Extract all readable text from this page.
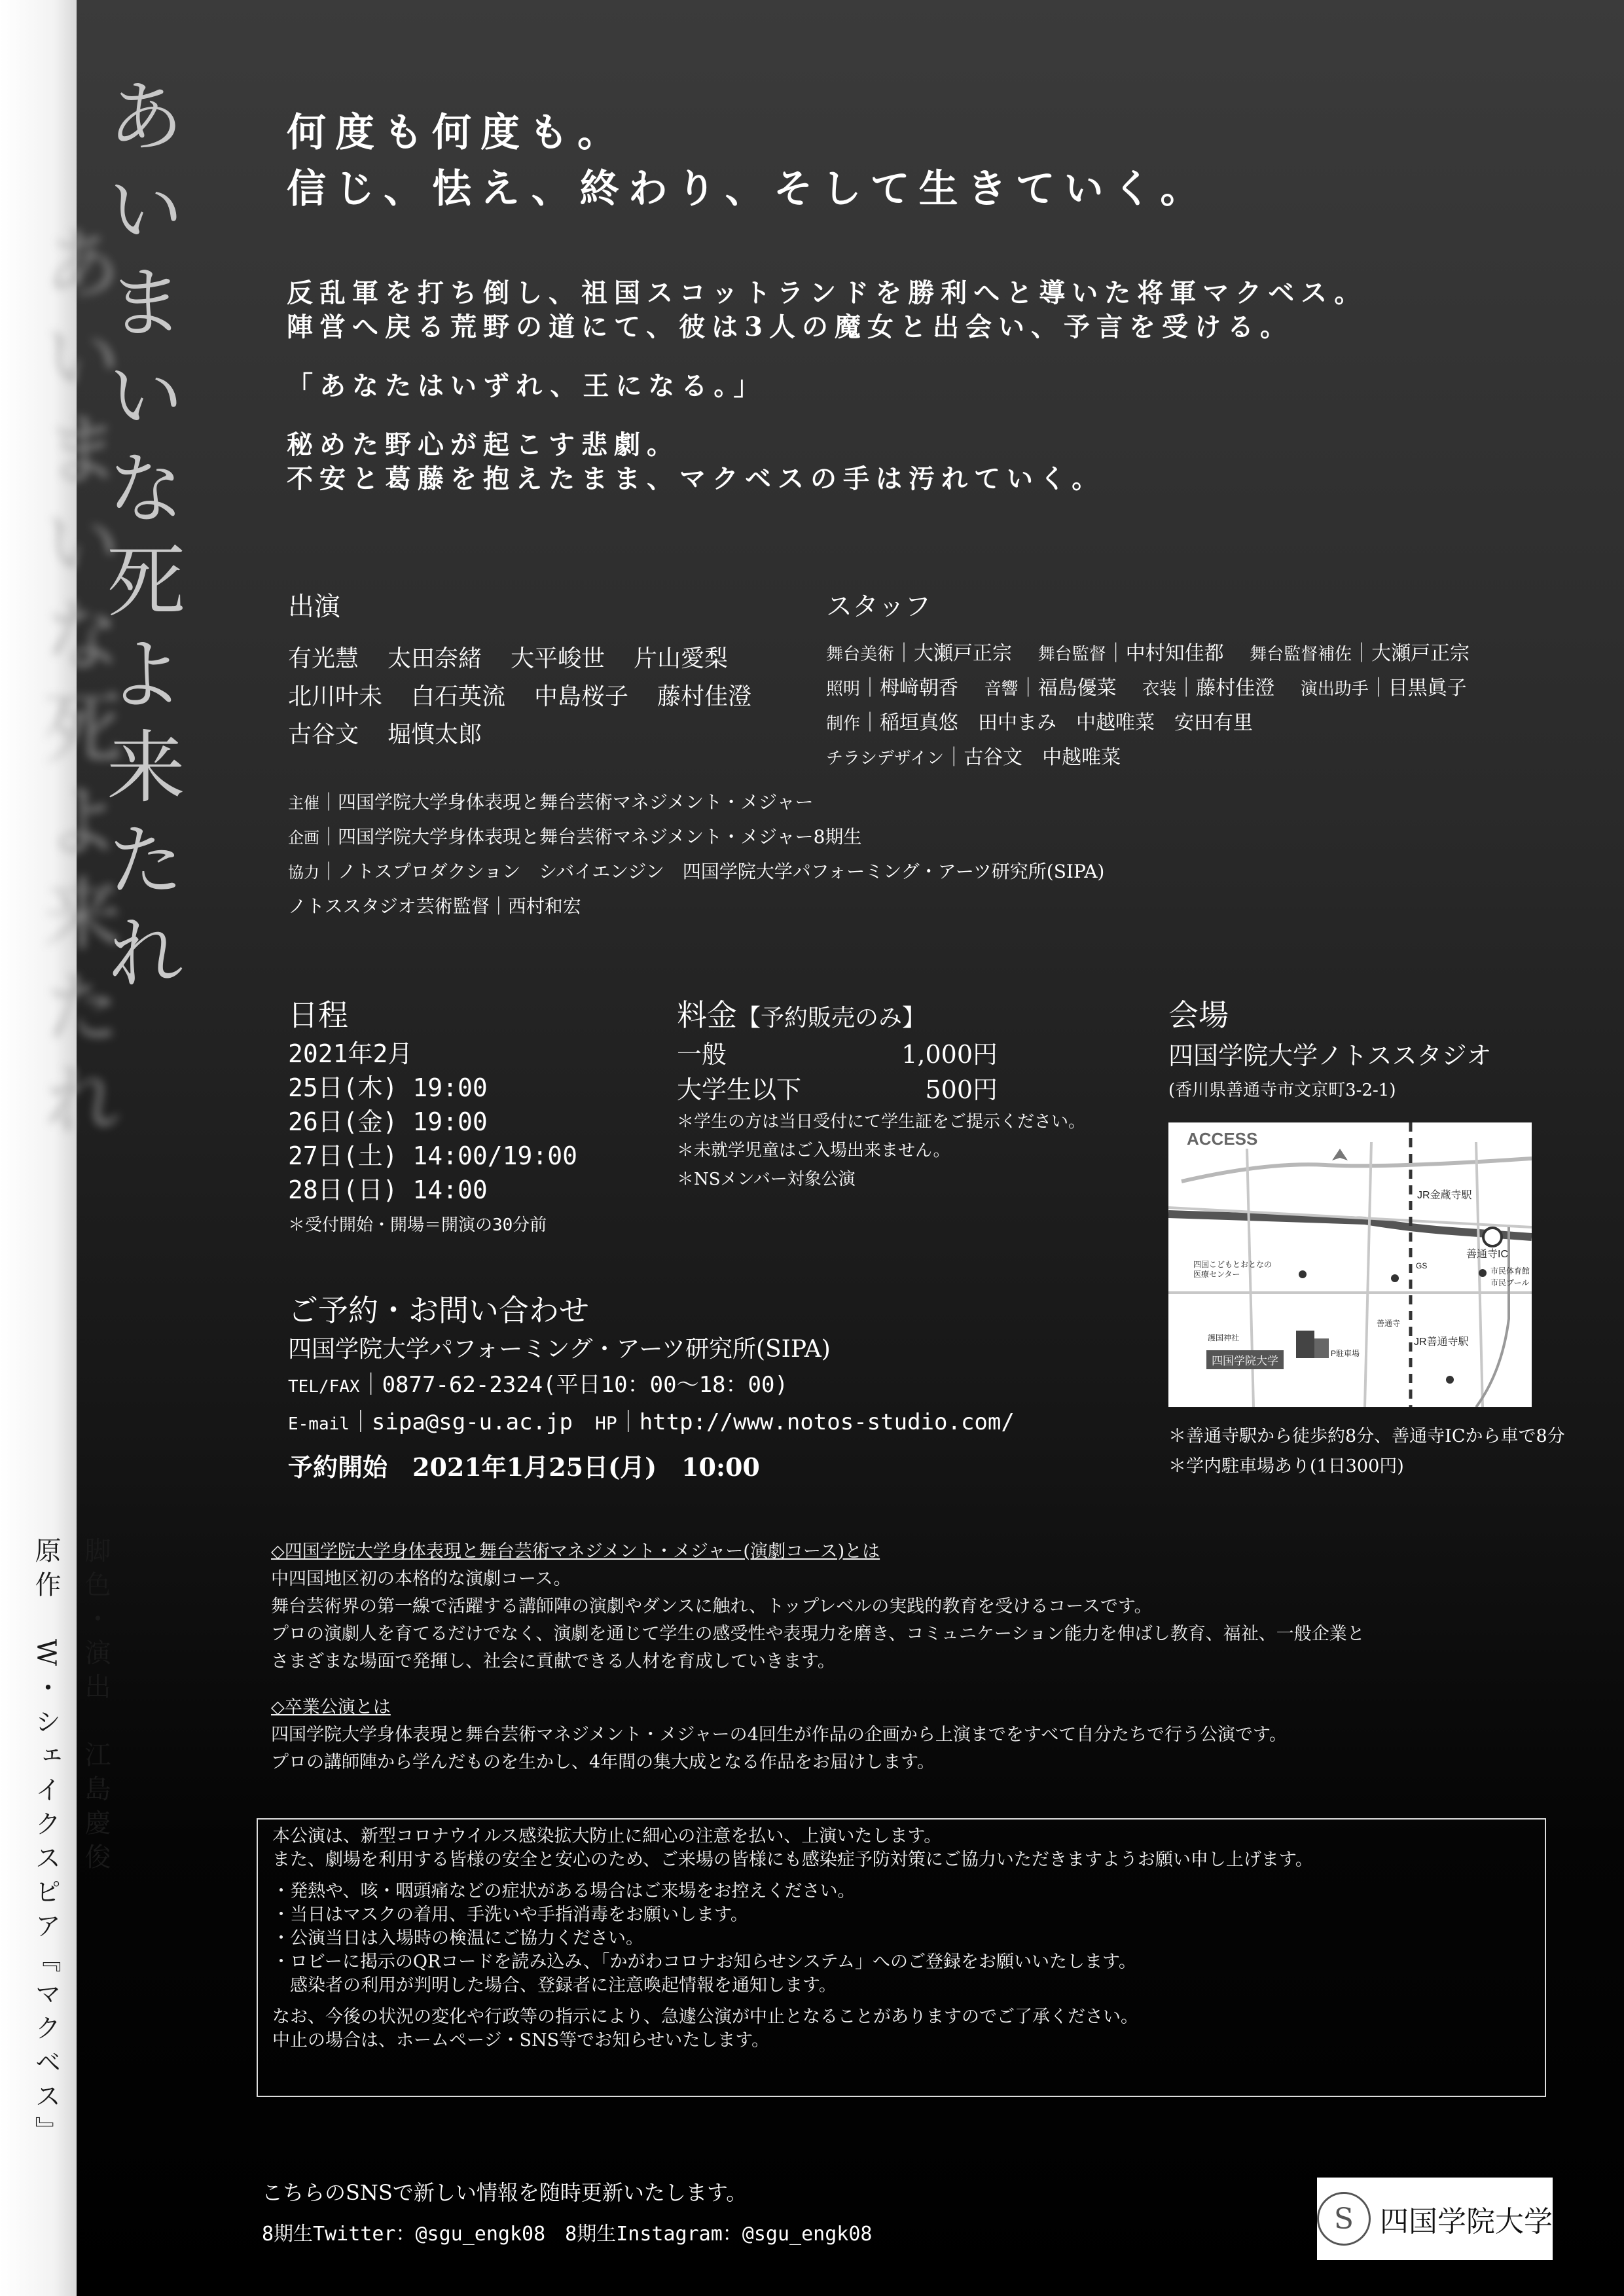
あいまいな死よ来たれ
あいまいな死よ来たれ	何度も何度も。
信じ、怯え、終わり、そして生きていく。
反乱軍を打ち倒し、祖国スコットランドを勝利へと導いた将軍マクベス。
陣営へ戻る荒野の道にて、彼は3人の魔女と出会い、予言を受ける。
「あなたはいずれ、王になる。」
秘めた野心が起こす悲劇。
不安と葛藤を抱えたまま、マクベスの手は汚れていく。
出演
有光慧 太田奈緒 大平峻世 片山愛梨
北川叶未 白石英流 中島桜子 藤村佳澄
古谷文 堀慎太郎
スタッフ
舞台美術｜大瀬戸正宗　 舞台監督｜中村知佳都　 舞台監督補佐｜大瀬戸正宗
照明｜栂﨑朝香　 音響｜福島優菜　 衣装｜藤村佳澄　 演出助手｜目黒眞子
制作｜稲垣真悠　田中まみ　中越唯菜　安田有里
チラシデザイン｜古谷文　中越唯菜
主催｜四国学院大学身体表現と舞台芸術マネジメント・メジャー
企画｜四国学院大学身体表現と舞台芸術マネジメント・メジャー8期生
協力｜ノトスプロダクション　シバイエンジン　四国学院大学パフォーミング・アーツ研究所(SIPA)
ノトススタジオ芸術監督｜西村和宏
日程
2021年2月
25日(木) 19:00
26日(金) 19:00
27日(土) 14:00/19:00
28日(日) 14:00
＊受付開始・開場＝開演の30分前
料金【予約販売のみ】
一般	1,000円
大学生以下	500円
＊学生の方は当日受付にて学生証をご提示ください。
＊未就学児童はご入場出来ません。
＊NSメンバー対象公演
会場
四国学院大学ノトススタジオ
(香川県善通寺市文京町3-2-1)
ACCESS
善通寺IC
JR善通寺駅
JR金蔵寺駅
四国学院大学
市民体育館
市民プール
四国こどもとおとなの医療センター
善通寺
護国神社
P駐車場
GS
＊善通寺駅から徒歩約8分、善通寺ICから車で8分
＊学内駐車場あり(1日300円)
ご予約・お問い合わせ
四国学院大学パフォーミング・アーツ研究所(SIPA)
TEL/FAX｜0877-62-2324(平日10：00〜18：00)
E-mail｜sipa@sg-u.ac.jp　 HP｜http://www.notos-studio.com/
予約開始　 2021年1月25日(月)　10:00
◇四国学院大学身体表現と舞台芸術マネジメント・メジャー(演劇コース)とは
中四国地区初の本格的な演劇コース。
舞台芸術界の第一線で活躍する講師陣の演劇やダンスに触れ、トップレベルの実践的教育を受けるコースです。
プロの演劇人を育てるだけでなく、演劇を通じて学生の感受性や表現力を磨き、コミュニケーション能力を伸ばし教育、福祉、一般企業と
さまざまな場面で発揮し、社会に貢献できる人材を育成していきます。
◇卒業公演とは
四国学院大学身体表現と舞台芸術マネジメント・メジャーの4回生が作品の企画から上演までをすべて自分たちで行う公演です。
プロの講師陣から学んだものを生かし、4年間の集大成となる作品をお届けします。

本公演は、新型コロナウイルス感染拡大防止に細心の注意を払い、上演いたします。

また、劇場を利用する皆様の安全と安心のため、ご来場の皆様にも感染症予防対策にご協力いただきますようお願い申し上げます。

・発熱や、咳・咽頭痛などの症状がある場合はご来場をお控えください。

・当日はマスクの着用、手洗いや手指消毒をお願いします。

・公演当日は入場時の検温にご協力ください。

・ロビーに掲示のQRコードを読み込み、「かがわコロナお知らせシステム」へのご登録をお願いいたします。

　感染者の利用が判明した場合、登録者に注意喚起情報を通知します。

なお、今後の状況の変化や行政等の指示により、急遽公演が中止となることがありますのでご了承ください。

中止の場合は、ホームページ・SNS等でお知らせいたします。

こちらのSNSで新しい情報を随時更新いたします。
8期生Twitter：@sgu_engk08　 8期生Instagram：@sgu_engk08	S 四国学院大学
脚色・演出　江島慶俊
原作　W・シェイクスピア『マクベス』
